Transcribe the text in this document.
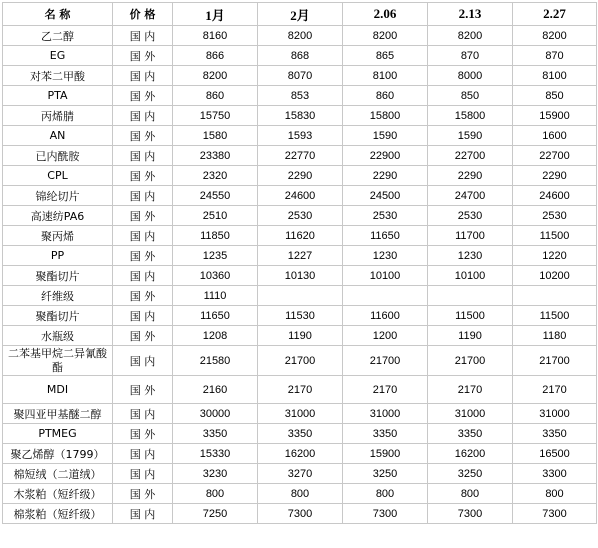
名 称	价 格	1月	2月	2.06	2.13	2.27
乙二醇	国 内	8160	8200	8200	8200	8200
EG	国 外	866	868	865	870	870
对苯二甲酸	国 内	8200	8070	8100	8000	8100
PTA	国 外	860	853	860	850	850
丙烯腈	国 内	15750	15830	15800	15800	15900
AN	国 外	1580	1593	1590	1590	1600
已内酰胺	国 内	23380	22770	22900	22700	22700
CPL	国 外	2320	2290	2290	2290	2290
锦纶切片	国 内	24550	24600	24500	24700	24600
高速纺PA6	国 外	2510	2530	2530	2530	2530
聚丙烯	国 内	11850	11620	11650	11700	11500
PP	国 外	1235	1227	1230	1230	1220
聚酯切片	国 内	10360	10130	10100	10100	10200
纤维级	国 外	1110				
聚酯切片	国 内	11650	11530	11600	11500	11500
水瓶级	国 外	1208	1190	1200	1190	1180

二苯基甲烷二异氰酸
酯	国 内	21580	21700	21700	21700	21700
MDI	国 外	2160	2170	2170	2170	2170
聚四亚甲基醚二醇	国 内	30000	31000	31000	31000	31000
PTMEG	国 外	3350	3350	3350	3350	3350
聚乙烯醇（1799）	国 内	15330	16200	15900	16200	16500
棉短绒（二道绒）	国 内	3230	3270	3250	3250	3300
木浆粕（短纤级）	国 外	800	800	800	800	800
棉浆粕（短纤级）	国 内	7250	7300	7300	7300	7300
